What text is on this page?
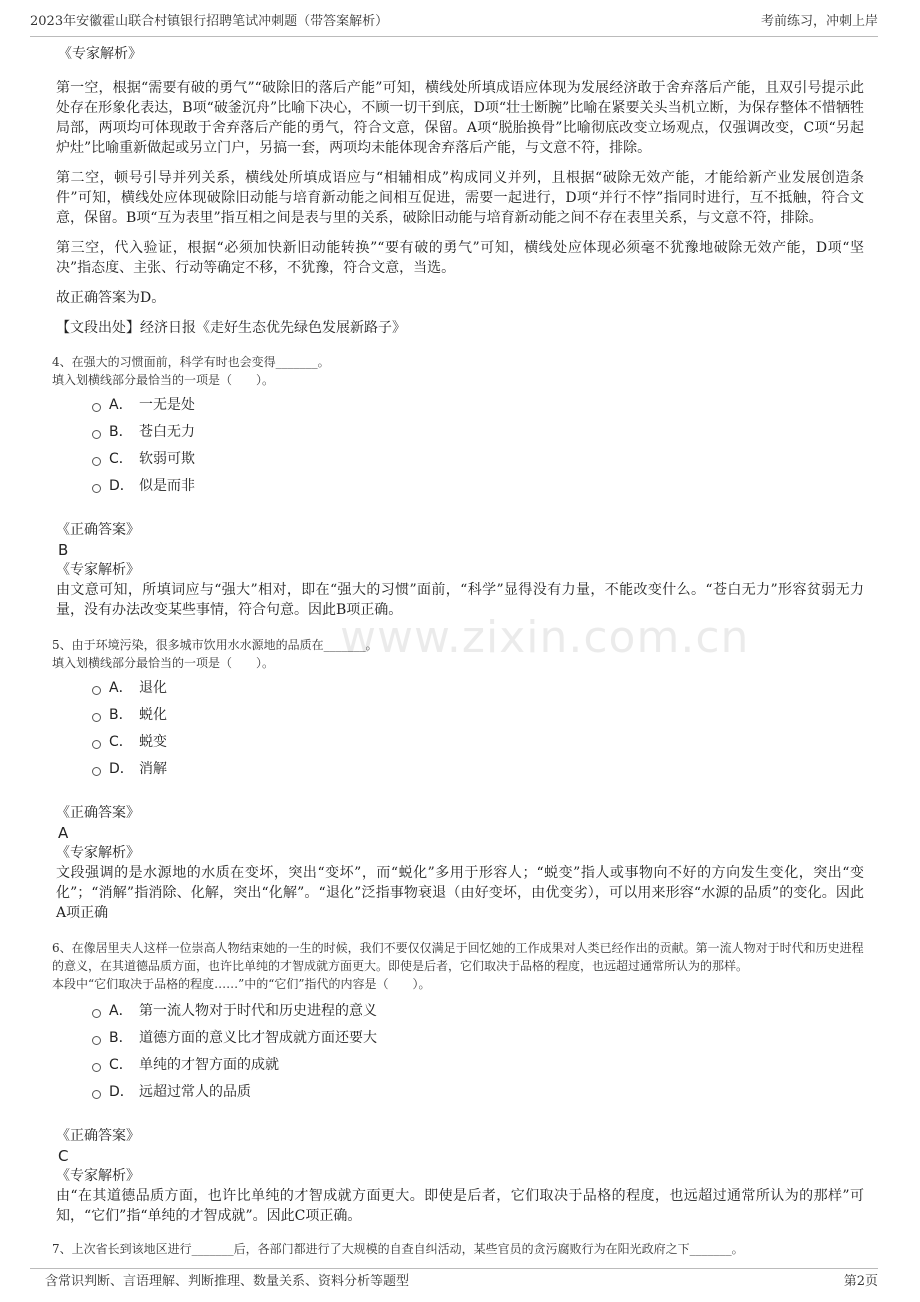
2023年安徽霍山联合村镇银行招聘笔试冲刺题（带答案解析）	考前练习，冲刺上岸
www.zixin.com.cn

《专家解析》

第一空，根据“需要有破的勇气”“破除旧的落后产能”可知，横线处所填成语应体现为发展经济敢于舍弃落后产能，且双引号提示此处存在形象化表达，B项“破釜沉舟”比喻下决心，不顾一切干到底，D项“壮士断腕”比喻在紧要关头当机立断，为保存整体不惜牺牲局部，两项均可体现敢于舍弃落后产能的勇气，符合文意，保留。A项“脱胎换骨”比喻彻底改变立场观点，仅强调改变，C项“另起炉灶”比喻重新做起或另立门户，另搞一套，两项均未能体现舍弃落后产能，与文意不符，排除。

第二空，顿号引导并列关系，横线处所填成语应与“相辅相成”构成同义并列，且根据“破除无效产能，才能给新产业发展创造条件”可知，横线处应体现破除旧动能与培育新动能之间相互促进，需要一起进行，D项“并行不悖”指同时进行，互不抵触，符合文意，保留。B项“互为表里”指互相之间是表与里的关系，破除旧动能与培育新动能之间不存在表里关系，与文意不符，排除。

第三空，代入验证，根据“必须加快新旧动能转换”“要有破的勇气”可知，横线处应体现必须毫不犹豫地破除无效产能，D项“坚决”指态度、主张、行动等确定不移，不犹豫，符合文意，当选。

故正确答案为D。

【文段出处】经济日报《走好生态优先绿色发展新路子》

4、在强大的习惯面前，科学有时也会变得_______。

填入划横线部分最恰当的一项是（　　）。

A． 一无是处
B． 苍白无力
C． 软弱可欺
D． 似是而非

《正确答案》

B

《专家解析》

由文意可知，所填词应与“强大”相对，即在“强大的习惯”面前，“科学”显得没有力量，不能改变什么。“苍白无力”形容贫弱无力量，没有办法改变某些事情，符合句意。因此B项正确。

5、由于环境污染，很多城市饮用水水源地的品质在_______。

填入划横线部分最恰当的一项是（　　）。

A． 退化
B． 蜕化
C． 蜕变
D． 消解

《正确答案》

A

《专家解析》

文段强调的是水源地的水质在变坏，突出“变坏”，而“蜕化”多用于形容人；“蜕变”指人或事物向不好的方向发生变化，突出“变化”；“消解”指消除、化解，突出“化解”。“退化”泛指事物衰退（由好变坏，由优变劣），可以用来形容“水源的品质”的变化。因此A项正确

6、在像居里夫人这样一位崇高人物结束她的一生的时候，我们不要仅仅满足于回忆她的工作成果对人类已经作出的贡献。第一流人物对于时代和历史进程的意义，在其道德品质方面，也许比单纯的才智成就方面更大。即使是后者，它们取决于品格的程度，也远超过通常所认为的那样。

本段中“它们取决于品格的程度……”中的“它们”指代的内容是（　　）。

A． 第一流人物对于时代和历史进程的意义
B． 道德方面的意义比才智成就方面还要大
C． 单纯的才智方面的成就
D． 远超过常人的品质

《正确答案》

C

《专家解析》

由“在其道德品质方面，也许比单纯的才智成就方面更大。即使是后者，它们取决于品格的程度，也远超过通常所认为的那样”可知，“它们”指“单纯的才智成就”。因此C项正确。

7、上次省长到该地区进行_______后，各部门都进行了大规模的自查自纠活动，某些官员的贪污腐败行为在阳光政府之下_______。

含常识判断、言语理解、判断推理、数量关系、资料分析等题型	第2页
